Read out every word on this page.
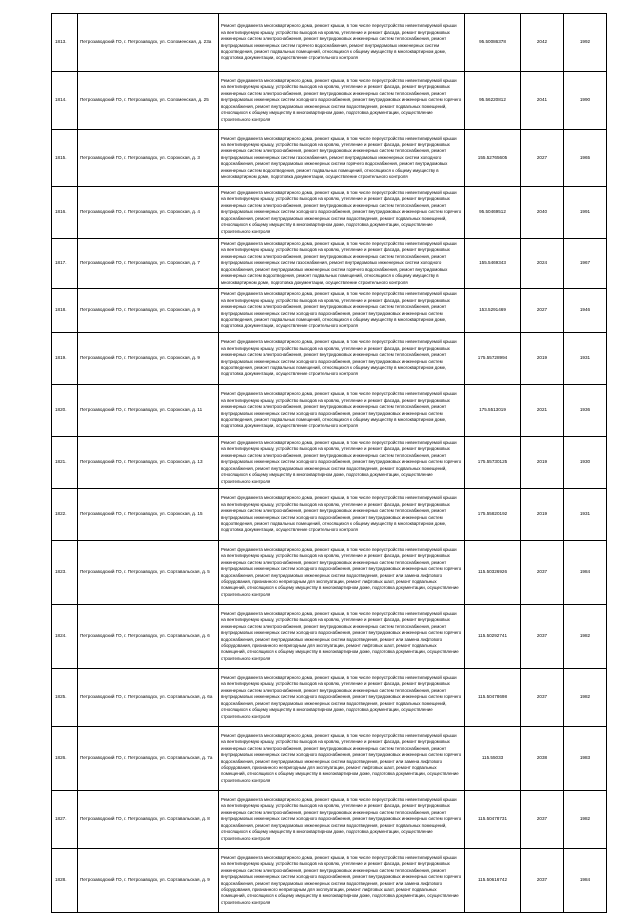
1813.	Петрозаводский ГО, г. Петрозаводск, ул. Соломенская, д. 23а	Ремонт фундамента многоквартирного дома, ремонт крыши, в том числе переустройство невентилируемой крыши на вентилируемую крышу, устройство выходов на кровлю, утепление и ремонт фасада, ремонт внутридомовых инженерных систем электроснабжения, ремонт внутридомовых инженерных систем теплоснабжения, ремонт внутридомовых инженерных систем горячего водоснабжения, ремонт внутридомовых инженерных систем водоотведения, ремонт подвальных помещений, относящихся к общему имуществу в многоквартирном доме, подготовка документации, осуществление строительного контроля	95.50086378	2042	1992
1814.	Петрозаводский ГО, г. Петрозаводск, ул. Соломенская, д. 25	Ремонт фундамента многоквартирного дома, ремонт крыши, в том числе переустройство невентилируемой крыши на вентилируемую крышу, устройство выходов на кровлю, утепление и ремонт фасада, ремонт внутридомовых инженерных систем электроснабжения, ремонт внутридомовых инженерных систем теплоснабжения, ремонт внутридомовых инженерных систем холодного водоснабжения, ремонт внутридомовых инженерных систем горячего водоснабжения, ремонт внутридомовых инженерных систем водоотведения, ремонт подвальных помещений, относящихся к общему имуществу в многоквартирном доме, подготовка документации, осуществление строительного контроля	95.56220812	2041	1990
1815.	Петрозаводский ГО, г. Петрозаводск, ул. Сорокская, д. 3	Ремонт фундамента многоквартирного дома, ремонт крыши, в том числе переустройство невентилируемой крыши на вентилируемую крышу, устройство выходов на кровлю, утепление и ремонт фасада, ремонт внутридомовых инженерных систем электроснабжения, ремонт внутридомовых инженерных систем теплоснабжения, ремонт внутридомовых инженерных систем газоснабжения, ремонт внутридомовых инженерных систем холодного водоснабжения, ремонт внутридомовых инженерных систем горячего водоснабжения, ремонт внутридомовых инженерных систем водоотведения, ремонт подвальных помещений, относящихся к общему имуществу в многоквартирном доме, подготовка документации, осуществление строительного контроля	155.52765605	2027	1965
1816.	Петрозаводский ГО, г. Петрозаводск, ул. Сорокская, д. 4	Ремонт фундамента многоквартирного дома, ремонт крыши, в том числе переустройство невентилируемой крыши на вентилируемую крышу, устройство выходов на кровлю, утепление и ремонт фасада, ремонт внутридомовых инженерных систем электроснабжения, ремонт внутридомовых инженерных систем теплоснабжения, ремонт внутридомовых инженерных систем холодного водоснабжения, ремонт внутридомовых инженерных систем горячего водоснабжения, ремонт внутридомовых инженерных систем водоотведения, ремонт подвальных помещений, относящихся к общему имуществу в многоквартирном доме, подготовка документации, осуществление строительного контроля	95.50469512	2040	1991
1817.	Петрозаводский ГО, г. Петрозаводск, ул. Сорокская, д. 7	Ремонт фундамента многоквартирного дома, ремонт крыши, в том числе переустройство невентилируемой крыши на вентилируемую крышу, устройство выходов на кровлю, утепление и ремонт фасада, ремонт внутридомовых инженерных систем электроснабжения, ремонт внутридомовых инженерных систем теплоснабжения, ремонт внутридомовых инженерных систем газоснабжения, ремонт внутридомовых инженерных систем холодного водоснабжения, ремонт внутридомовых инженерных систем горячего водоснабжения, ремонт внутридомовых инженерных систем водоотведения, ремонт подвальных помещений, относящихся к общему имуществу в многоквартирном доме, подготовка документации, осуществление строительного контроля	155.5469343	2024	1967
1818.	Петрозаводский ГО, г. Петрозаводск, ул. Сорокская, д. 9	Ремонт фундамента многоквартирного дома, ремонт крыши, в том числе переустройство невентилируемой крыши на вентилируемую крышу, устройство выходов на кровлю, утепление и ремонт фасада, ремонт внутридомовых инженерных систем электроснабжения, ремонт внутридомовых инженерных систем теплоснабжения, ремонт внутридомовых инженерных систем холодного водоснабжения, ремонт внутридомовых инженерных систем водоотведения, ремонт подвальных помещений, относящихся к общему имуществу в многоквартирном доме, подготовка документации, осуществление строительного контроля	153.5291469	2027	1946
1819.	Петрозаводский ГО, г. Петрозаводск, ул. Сорокская, д. 9	Ремонт фундамента многоквартирного дома, ремонт крыши, в том числе переустройство невентилируемой крыши на вентилируемую крышу, устройство выходов на кровлю, утепление и ремонт фасада, ремонт внутридомовых инженерных систем электроснабжения, ремонт внутридомовых инженерных систем теплоснабжения, ремонт внутридомовых инженерных систем холодного водоснабжения, ремонт внутридомовых инженерных систем водоотведения, ремонт подвальных помещений, относящихся к общему имуществу в многоквартирном доме, подготовка документации, осуществление строительного контроля	175.55728994	2019	1931
1820.	Петрозаводский ГО, г. Петрозаводск, ул. Сорокская, д. 11	Ремонт фундамента многоквартирного дома, ремонт крыши, в том числе переустройство невентилируемой крыши на вентилируемую крышу, устройство выходов на кровлю, утепление и ремонт фасада, ремонт внутридомовых инженерных систем электроснабжения, ремонт внутридомовых инженерных систем теплоснабжения, ремонт внутридомовых инженерных систем холодного водоснабжения, ремонт внутридомовых инженерных систем водоотведения, ремонт подвальных помещений, относящихся к общему имуществу в многоквартирном доме, подготовка документации, осуществление строительного контроля	175.5513019	2021	1936
1821.	Петрозаводский ГО, г. Петрозаводск, ул. Сорокская, д. 13	Ремонт фундамента многоквартирного дома, ремонт крыши, в том числе переустройство невентилируемой крыши на вентилируемую крышу, устройство выходов на кровлю, утепление и ремонт фасада, ремонт внутридомовых инженерных систем электроснабжения, ремонт внутридомовых инженерных систем теплоснабжения, ремонт внутридомовых инженерных систем холодного водоснабжения, ремонт внутридомовых инженерных систем горячего водоснабжения, ремонт внутридомовых инженерных систем водоотведения, ремонт подвальных помещений, относящихся к общему имуществу в многоквартирном доме, подготовка документации, осуществление строительного контроля	175.55730125	2019	1930
1822.	Петрозаводский ГО, г. Петрозаводск, ул. Сорокская, д. 15	Ремонт фундамента многоквартирного дома, ремонт крыши, в том числе переустройство невентилируемой крыши на вентилируемую крышу, устройство выходов на кровлю, утепление и ремонт фасада, ремонт внутридомовых инженерных систем электроснабжения, ремонт внутридомовых инженерных систем теплоснабжения, ремонт внутридомовых инженерных систем холодного водоснабжения, ремонт внутридомовых инженерных систем водоотведения, ремонт подвальных помещений, относящихся к общему имуществу в многоквартирном доме, подготовка документации, осуществление строительного контроля	175.55820192	2019	1931
1823.	Петрозаводский ГО, г. Петрозаводск, ул. Сортавальская, д. 5	Ремонт фундамента многоквартирного дома, ремонт крыши, в том числе переустройство невентилируемой крыши на вентилируемую крышу, устройство выходов на кровлю, утепление и ремонт фасада, ремонт внутридомовых инженерных систем электроснабжения, ремонт внутридомовых инженерных систем теплоснабжения, ремонт внутридомовых инженерных систем холодного водоснабжения, ремонт внутридомовых инженерных систем горячего водоснабжения, ремонт внутридомовых инженерных систем водоотведения, ремонт или замена лифтового оборудования, признанного непригодным для эксплуатации, ремонт лифтовых шахт, ремонт подвальных помещений, относящихся к общему имуществу в многоквартирном доме, подготовка документации, осуществление строительного контроля	115.50326926	2037	1984
1824.	Петрозаводский ГО, г. Петрозаводск, ул. Сортавальская, д. 6	Ремонт фундамента многоквартирного дома, ремонт крыши, в том числе переустройство невентилируемой крыши на вентилируемую крышу, устройство выходов на кровлю, утепление и ремонт фасада, ремонт внутридомовых инженерных систем электроснабжения, ремонт внутридомовых инженерных систем теплоснабжения, ремонт внутридомовых инженерных систем холодного водоснабжения, ремонт внутридомовых инженерных систем горячего водоснабжения, ремонт внутридомовых инженерных систем водоотведения, ремонт или замена лифтового оборудования, признанного непригодным для эксплуатации, ремонт лифтовых шахт, ремонт подвальных помещений, относящихся к общему имуществу в многоквартирном доме, подготовка документации, осуществление строительного контроля	115.50292741	2037	1982
1825.	Петрозаводский ГО, г. Петрозаводск, ул. Сортавальская, д. 6а	Ремонт фундамента многоквартирного дома, ремонт крыши, в том числе переустройство невентилируемой крыши на вентилируемую крышу, устройство выходов на кровлю, утепление и ремонт фасада, ремонт внутридомовых инженерных систем электроснабжения, ремонт внутридомовых инженерных систем теплоснабжения, ремонт внутридомовых инженерных систем холодного водоснабжения, ремонт внутридомовых инженерных систем горячего водоснабжения, ремонт внутридомовых инженерных систем водоотведения, ремонт подвальных помещений, относящихся к общему имуществу в многоквартирном доме, подготовка документации, осуществление строительного контроля	115.50478698	2037	1982
1826.	Петрозаводский ГО, г. Петрозаводск, ул. Сортавальская, д. 7а	Ремонт фундамента многоквартирного дома, ремонт крыши, в том числе переустройство невентилируемой крыши на вентилируемую крышу, устройство выходов на кровлю, утепление и ремонт фасада, ремонт внутридомовых инженерных систем электроснабжения, ремонт внутридомовых инженерных систем теплоснабжения, ремонт внутридомовых инженерных систем холодного водоснабжения, ремонт внутридомовых инженерных систем горячего водоснабжения, ремонт внутридомовых инженерных систем водоотведения, ремонт или замена лифтового оборудования, признанного непригодным для эксплуатации, ремонт лифтовых шахт, ремонт подвальных помещений, относящихся к общему имуществу в многоквартирном доме, подготовка документации, осуществление строительного контроля	115.55033	2038	1983
1827.	Петрозаводский ГО, г. Петрозаводск, ул. Сортавальская, д. 8	Ремонт фундамента многоквартирного дома, ремонт крыши, в том числе переустройство невентилируемой крыши на вентилируемую крышу, устройство выходов на кровлю, утепление и ремонт фасада, ремонт внутридомовых инженерных систем электроснабжения, ремонт внутридомовых инженерных систем теплоснабжения, ремонт внутридомовых инженерных систем холодного водоснабжения, ремонт внутридомовых инженерных систем горячего водоснабжения, ремонт внутридомовых инженерных систем водоотведения, ремонт подвальных помещений, относящихся к общему имуществу в многоквартирном доме, подготовка документации, осуществление строительного контроля	115.50478731	2037	1982
1828.	Петрозаводский ГО, г. Петрозаводск, ул. Сортавальская, д. 9	Ремонт фундамента многоквартирного дома, ремонт крыши, в том числе переустройство невентилируемой крыши на вентилируемую крышу, устройство выходов на кровлю, утепление и ремонт фасада, ремонт внутридомовых инженерных систем электроснабжения, ремонт внутридомовых инженерных систем теплоснабжения, ремонт внутридомовых инженерных систем холодного водоснабжения, ремонт внутридомовых инженерных систем горячего водоснабжения, ремонт внутридомовых инженерных систем водоотведения, ремонт или замена лифтового оборудования, признанного непригодным для эксплуатации, ремонт лифтовых шахт, ремонт подвальных помещений, относящихся к общему имуществу в многоквартирном доме, подготовка документации, осуществление строительного контроля	115.50616742	2037	1984
